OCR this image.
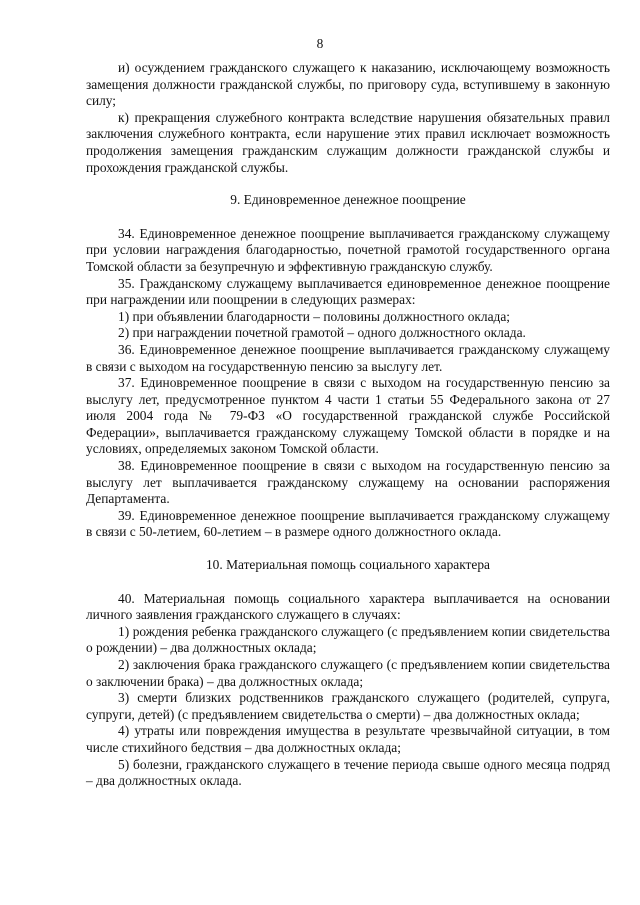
8

и) осуждением гражданского служащего к наказанию, исключающему возможность замещения должности гражданской службы, по приговору суда, вступившему в законную силу;

к) прекращения служебного контракта вследствие нарушения обязательных правил заключения служебного контракта, если нарушение этих правил исключает возможность продолжения замещения гражданским служащим должности гражданской службы и прохождения гражданской службы.

9. Единовременное денежное поощрение

34. Единовременное денежное поощрение выплачивается гражданскому служащему при условии награждения благодарностью, почетной грамотой государственного органа Томской области за безупречную и эффективную гражданскую службу.

35. Гражданскому служащему выплачивается единовременное денежное поощрение при награждении или поощрении в следующих размерах:

1) при объявлении благодарности – половины должностного оклада;

2) при награждении почетной грамотой – одного должностного оклада.

36. Единовременное денежное поощрение выплачивается гражданскому служащему в связи с выходом на государственную пенсию за выслугу лет.

37. Единовременное поощрение в связи с выходом на государственную пенсию за выслугу лет, предусмотренное пунктом 4 части 1 статьи 55 Федерального закона от 27 июля 2004 года № 79-ФЗ «О государственной гражданской службе Российской Федерации», выплачивается гражданскому служащему Томской области в порядке и на условиях, определяемых законом Томской области.

38. Единовременное поощрение в связи с выходом на государственную пенсию за выслугу лет выплачивается гражданскому служащему на основании распоряжения Департамента.

39. Единовременное денежное поощрение выплачивается гражданскому служащему в связи с 50-летием, 60-летием – в размере одного должностного оклада.

10. Материальная помощь социального характера

40. Материальная помощь социального характера выплачивается на основании личного заявления гражданского служащего в случаях:

1) рождения ребенка гражданского служащего (с предъявлением копии свидетельства о рождении) – два должностных оклада;

2) заключения брака гражданского служащего (с предъявлением копии свидетельства о заключении брака) – два должностных оклада;

3) смерти близких родственников гражданского служащего (родителей, супруга, супруги, детей) (с предъявлением свидетельства о смерти) – два должностных оклада;

4) утраты или повреждения имущества в результате чрезвычайной ситуации, в том числе стихийного бедствия – два должностных оклада;

5) болезни, гражданского служащего в течение периода свыше одного месяца подряд – два должностных оклада.
